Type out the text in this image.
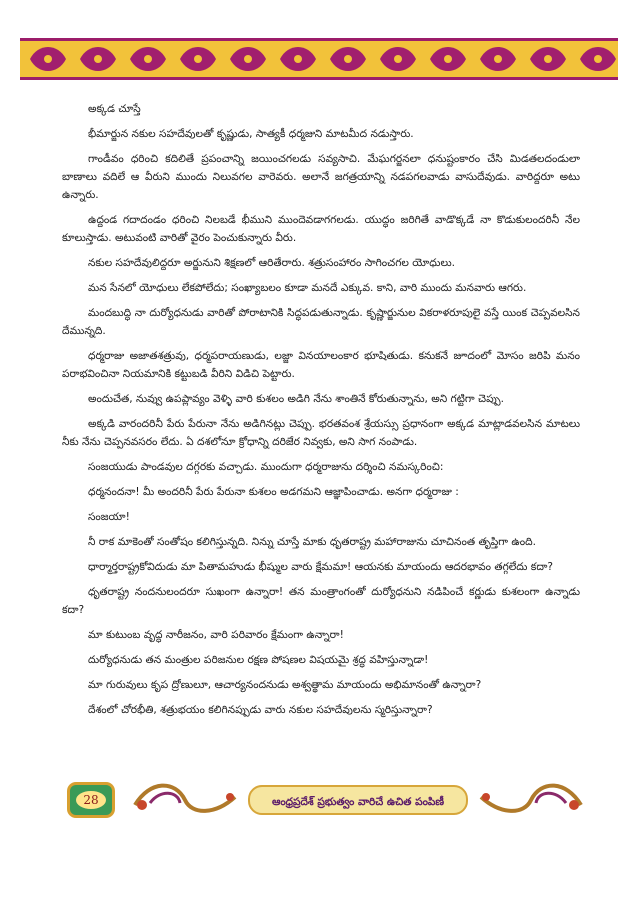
అక్కడ చూస్తే

భీమార్జున నకుల సహదేవులతో కృష్ణుడు, సాత్యకీ ధర్మజుని మాటమీద నడుస్తారు.

గాండీవం ధరించి కదిలితే ప్రపంచాన్ని జయించగలడు సవ్యసాచి. మేఘగర్జనలా ధనుష్టంకారం చేసి మిడతలదండులా బాణాలు వదిలే ఆ వీరుని ముందు నిలువగల వారెవరు. అలానే జగత్రయాన్ని నడపగలవాడు వాసుదేవుడు. వారిద్దరూ అటు ఉన్నారు.

ఉద్దండ గదాదండం ధరించి నిలబడే భీముని ముందెవడాగగలడు. యుద్ధం జరిగితే వాడొక్కడే నా కొడుకులందరినీ నేల కూలుస్తాడు. అటువంటి వారితో వైరం పెంచుకున్నారు వీరు.

నకుల సహదేవులిద్దరూ అర్జునుని శిక్షణలో ఆరితేరారు. శత్రుసంహారం సాగించగల యోధులు.

మన సేనలో యోధులు లేకపోలేదు; సంఖ్యాబలం కూడా మనదే ఎక్కువ. కాని, వారి ముందు మనవారు ఆగరు.

మందబుద్ధి నా దుర్యోధనుడు వారితో పోరాటానికి సిద్ధపడుతున్నాడు. కృష్ణార్జునుల వికరాళరూపులై వస్తే యింక చెప్పవలసిన దేమున్నది.

ధర్మరాజు అజాతశత్రువు, ధర్మపరాయణుడు, లజ్జా వినయాలంకార భూషితుడు. కనుకనే జూదంలో మోసం జరిపి మనం పరాభవించినా నియమానికి కట్టుబడి వీరిని విడిచి పెట్టారు.

అందుచేత, నువ్వు ఉపప్లావ్యం వెళ్ళి వారి కుశలం అడిగి నేను శాంతినే కోరుతున్నాను, అని గట్టిగా చెప్పు.

అక్కడి వారందరినీ పేరు పేరునా నేను అడిగినట్లు చెప్పు. భరతవంశ శ్రేయస్సు ప్రధానంగా అక్కడ మాట్లాడవలసిన మాటలు నీకు నేను చెప్పనవసరం లేదు. ఏ దశలోనూ క్రోధాన్ని దరిజేర నివ్వకు, అని సాగ నంపాడు.

సంజయుడు పాండవుల దగ్గరకు వచ్చాడు. ముందుగా ధర్మరాజును దర్శించి నమస్కరించి:

ధర్మనందనా! మీ అందరినీ పేరు పేరునా కుశలం అడగమని ఆజ్ఞాపించాడు. అనగా ధర్మరాజు :

సంజయా!

నీ రాక మాకెంతో సంతోషం కలిగిస్తున్నది. నిన్ను చూస్తే మాకు ధృతరాష్ట్ర మహారాజును చూచినంత తృప్తిగా ఉంది.

ధార్మార్తరాష్ట్రకోవిదుడు మా పితామహుడు భీష్ముల వారు క్షేమమా! ఆయనకు మాయందు ఆదరభావం తగ్గలేదు కదా?

ధృతరాష్ట్ర నందనులందరూ సుఖంగా ఉన్నారా! తన మంత్రాంగంతో దుర్యోధనుని నడిపించే కర్ణుడు కుశలంగా ఉన్నాడు కదా?

మా కుటుంబ వృద్ధ నారీజనం, వారి పరివారం క్షేమంగా ఉన్నారా!

దుర్యోధనుడు తన మంత్రుల పరిజనుల రక్షణ పోషణల విషయమై శ్రద్ధ వహిస్తున్నాడా!

మా గురువులు కృప ద్రోణులూ, ఆచార్యనందనుడు అశ్వత్థామ మాయందు అభిమానంతో ఉన్నారా?

దేశంలో చోరభీతి, శత్రుభయం కలిగినప్పుడు వారు నకుల సహదేవులను స్మరిస్తున్నారా?

28	ఆంధ్రప్రదేశ్ ప్రభుత్వం వారిచే ఉచిత పంపిణీ
